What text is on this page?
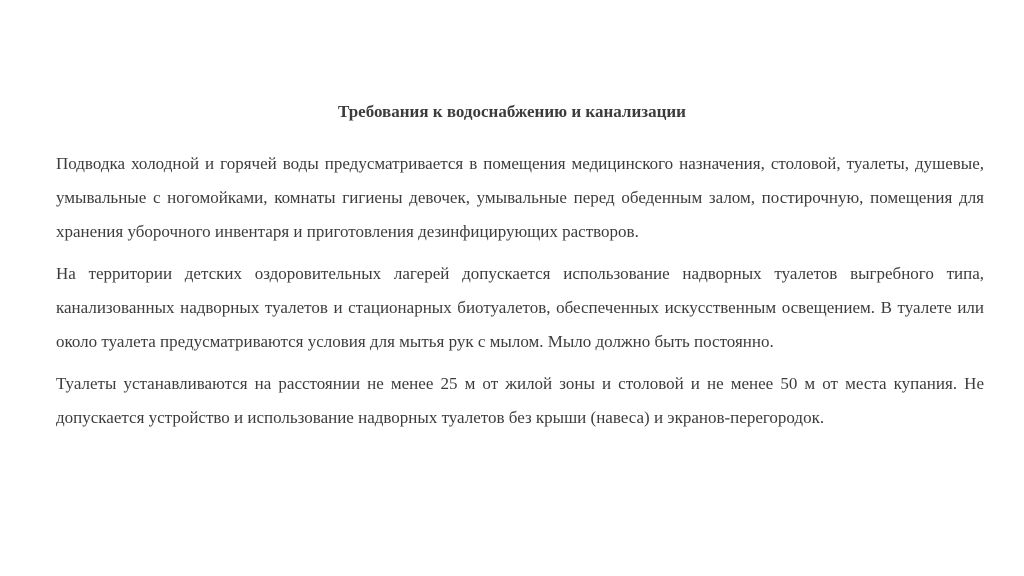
Требования к водоснабжению и канализации

Подводка холодной и горячей воды предусматривается в помещения медицинского назначения, столовой, туалеты, душевые, умывальные с ногомойками, комнаты гигиены девочек, умывальные перед обеденным залом, постирочную, помещения для хранения уборочного инвентаря и приготовления дезинфицирующих растворов.

На территории детских оздоровительных лагерей допускается использование надворных туалетов выгребного типа, канализованных надворных туалетов и стационарных биотуалетов, обеспеченных искусственным освещением. В туалете или около туалета предусматриваются условия для мытья рук с мылом. Мыло должно быть постоянно.

Туалеты устанавливаются на расстоянии не менее 25 м от жилой зоны и столовой и не менее 50 м от места купания. Не допускается устройство и использование надворных туалетов без крыши (навеса) и экранов-перегородок.
